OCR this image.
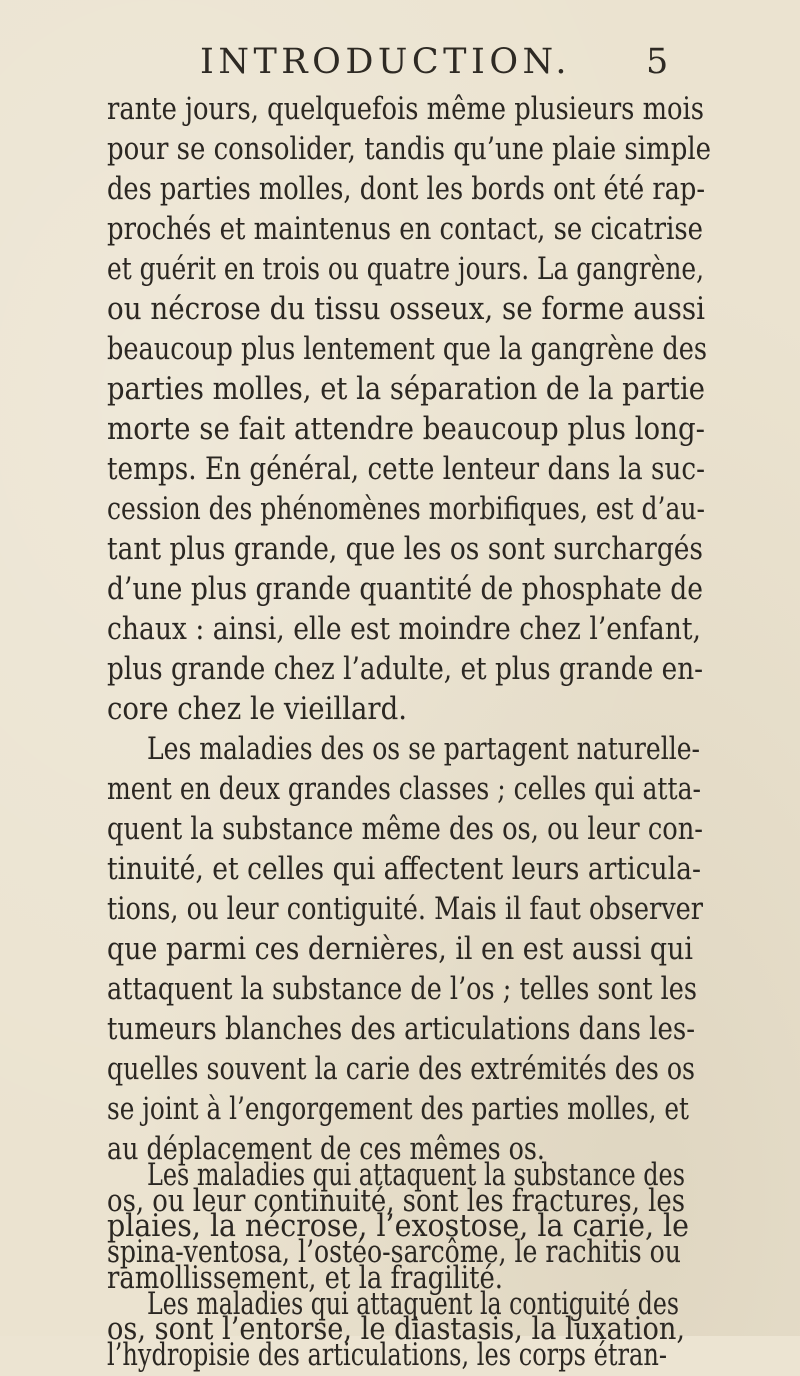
INTRODUCTION. 5
rante jours, quelquefois même plusieurs mois
pour se consolider, tandis qu’une plaie simple
des parties molles, dont les bords ont été rap-
prochés et maintenus en contact, se cicatrise
et guérit en trois ou quatre jours. La gangrène,
ou nécrose du tissu osseux, se forme aussi
beaucoup plus lentement que la gangrène des
parties molles, et la séparation de la partie
morte se fait attendre beaucoup plus long-
temps. En général, cette lenteur dans la suc-
cession des phénomènes morbifiques, est d’au-
tant plus grande, que les os sont surchargés
d’une plus grande quantité de phosphate de
chaux : ainsi, elle est moindre chez l’enfant,
plus grande chez l’adulte, et plus grande en-
core chez le vieillard.
Les maladies des os se partagent naturelle-
ment en deux grandes classes ; celles qui atta-
quent la substance même des os, ou leur con-
tinuité, et celles qui affectent leurs articula-
tions, ou leur contiguité. Mais il faut observer
que parmi ces dernières, il en est aussi qui
attaquent la substance de l’os ; telles sont les
tumeurs blanches des articulations dans les-
quelles souvent la carie des extrémités des os
se joint à l’engorgement des parties molles, et
au déplacement de ces mêmes os.
Les maladies qui attaquent la substance des
os, ou leur continuité, sont les fractures, les
plaies, la nécrose, l’exostose, la carie, le
spina-ventosa, l’ostéo-sarcôme, le rachitis ou
ramollissement, et la fragilité.
Les maladies qui attaquent la contiguité des
os, sont l’entorse, le diastasis, la luxation,
l’hydropisie des articulations, les corps étran-
